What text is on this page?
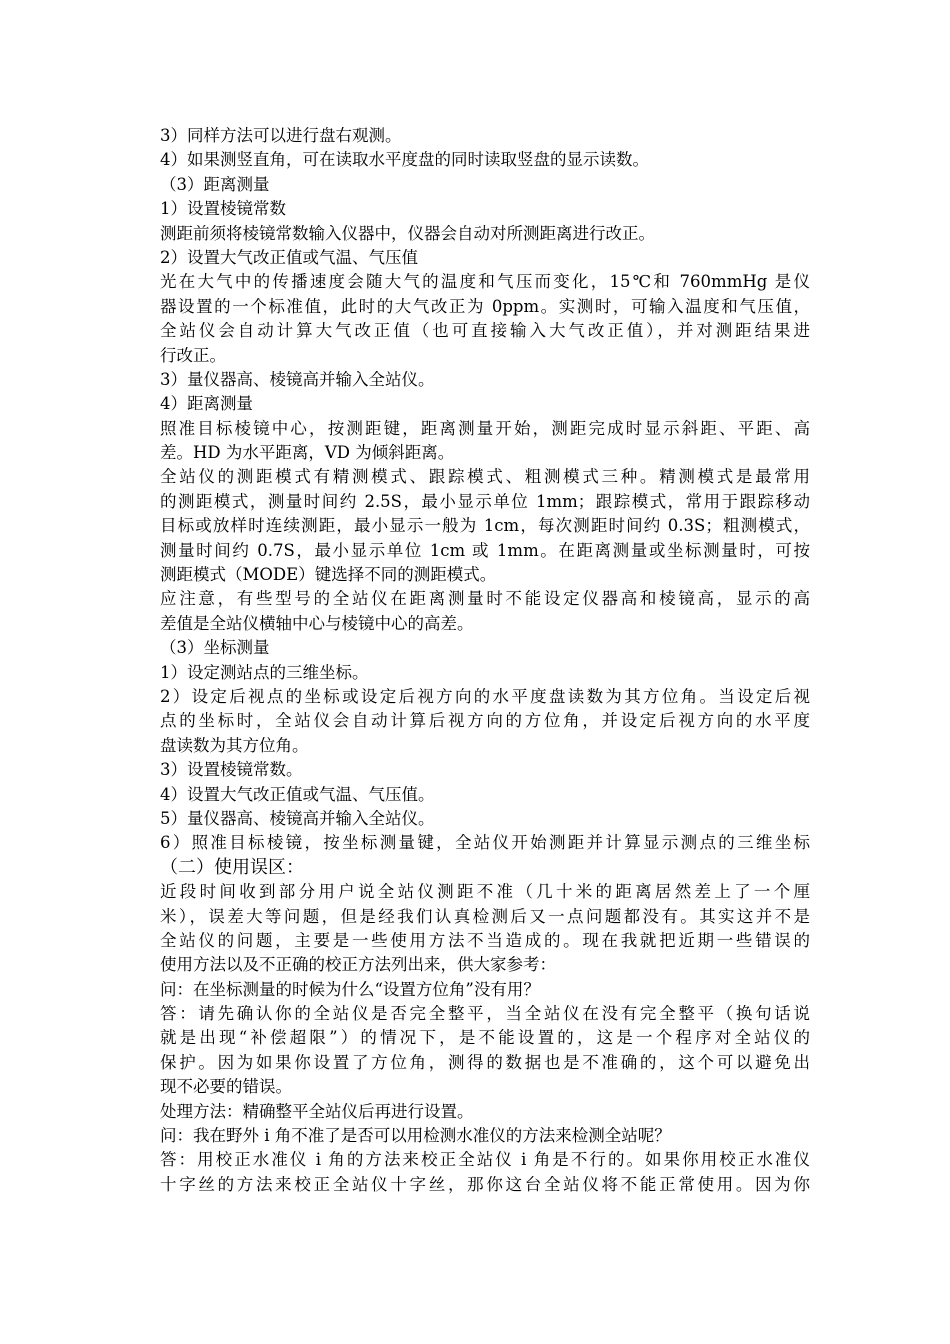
3）同样方法可以进行盘右观测。
4）如果测竖直角，可在读取水平度盘的同时读取竖盘的显示读数。
（3）距离测量
1）设置棱镜常数
测距前须将棱镜常数输入仪器中，仪器会自动对所测距离进行改正。
2）设置大气改正值或气温、气压值
光在大气中的传播速度会随大气的温度和气压而变化，15℃和 760mmHg 是仪
器设置的一个标准值，此时的大气改正为 0ppm。实测时，可输入温度和气压值，
全站仪会自动计算大气改正值（也可直接输入大气改正值），并对测距结果进
行改正。
3）量仪器高、棱镜高并输入全站仪。
4）距离测量
照准目标棱镜中心，按测距键，距离测量开始，测距完成时显示斜距、平距、高
差。HD 为水平距离，VD 为倾斜距离。
全站仪的测距模式有精测模式、跟踪模式、粗测模式三种。精测模式是最常用
的测距模式，测量时间约 2.5S，最小显示单位 1mm；跟踪模式，常用于跟踪移动
目标或放样时连续测距，最小显示一般为 1cm，每次测距时间约 0.3S；粗测模式，
测量时间约 0.7S，最小显示单位 1cm 或 1mm。在距离测量或坐标测量时，可按
测距模式（MODE）键选择不同的测距模式。
应注意，有些型号的全站仪在距离测量时不能设定仪器高和棱镜高，显示的高
差值是全站仪横轴中心与棱镜中心的高差。
（3）坐标测量
1）设定测站点的三维坐标。
2）设定后视点的坐标或设定后视方向的水平度盘读数为其方位角。当设定后视
点的坐标时，全站仪会自动计算后视方向的方位角，并设定后视方向的水平度
盘读数为其方位角。
3）设置棱镜常数。
4）设置大气改正值或气温、气压值。
5）量仪器高、棱镜高并输入全站仪。
6）照准目标棱镜，按坐标测量键，全站仪开始测距并计算显示测点的三维坐标
（二）使用误区：
近段时间收到部分用户说全站仪测距不准（几十米的距离居然差上了一个厘
米），误差大等问题，但是经我们认真检测后又一点问题都没有。其实这并不是
全站仪的问题，主要是一些使用方法不当造成的。现在我就把近期一些错误的
使用方法以及不正确的校正方法列出来，供大家参考：
问：在坐标测量的时候为什么“设置方位角”没有用？
答：请先确认你的全站仪是否完全整平，当全站仪在没有完全整平（换句话说
就是出现“补偿超限”）的情况下，是不能设置的，这是一个程序对全站仪的
保护。因为如果你设置了方位角，测得的数据也是不准确的，这个可以避免出
现不必要的错误。
处理方法：精确整平全站仪后再进行设置。
问：我在野外 i 角不准了是否可以用检测水准仪的方法来检测全站呢？
答：用校正水准仪 i 角的方法来校正全站仪 i 角是不行的。如果你用校正水准仪
十字丝的方法来校正全站仪十字丝，那你这台全站仪将不能正常使用。因为你
